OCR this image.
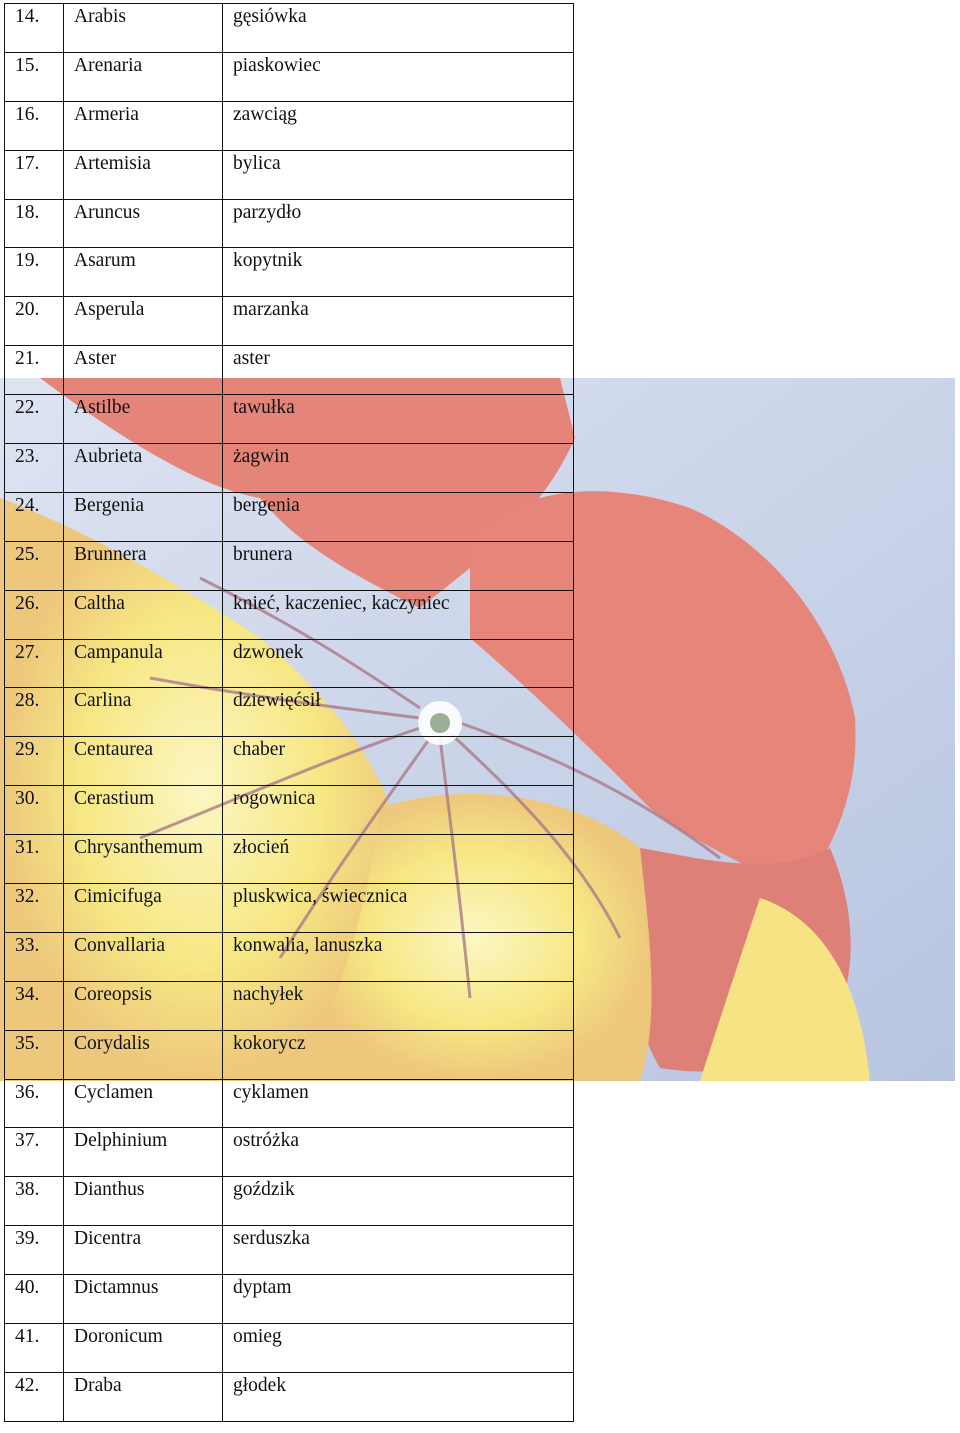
14.	Arabis	gęsiówka
15.	Arenaria	piaskowiec
16.	Armeria	zawciąg
17.	Artemisia	bylica
18.	Aruncus	parzydło
19.	Asarum	kopytnik
20.	Asperula	marzanka
21.	Aster	aster
22.	Astilbe	tawułka
23.	Aubrieta	żagwin
24.	Bergenia	bergenia
25.	Brunnera	brunera
26.	Caltha	knieć, kaczeniec, kaczyniec
27.	Campanula	dzwonek
28.	Carlina	dziewięćsił
29.	Centaurea	chaber
30.	Cerastium	rogownica
31.	Chrysanthemum	złocień
32.	Cimicifuga	pluskwica, świecznica
33.	Convallaria	konwalia, lanuszka
34.	Coreopsis	nachyłek
35.	Corydalis	kokorycz
36.	Cyclamen	cyklamen
37.	Delphinium	ostróżka
38.	Dianthus	goździk
39.	Dicentra	serduszka
40.	Dictamnus	dyptam
41.	Doronicum	omieg
42.	Draba	głodek
